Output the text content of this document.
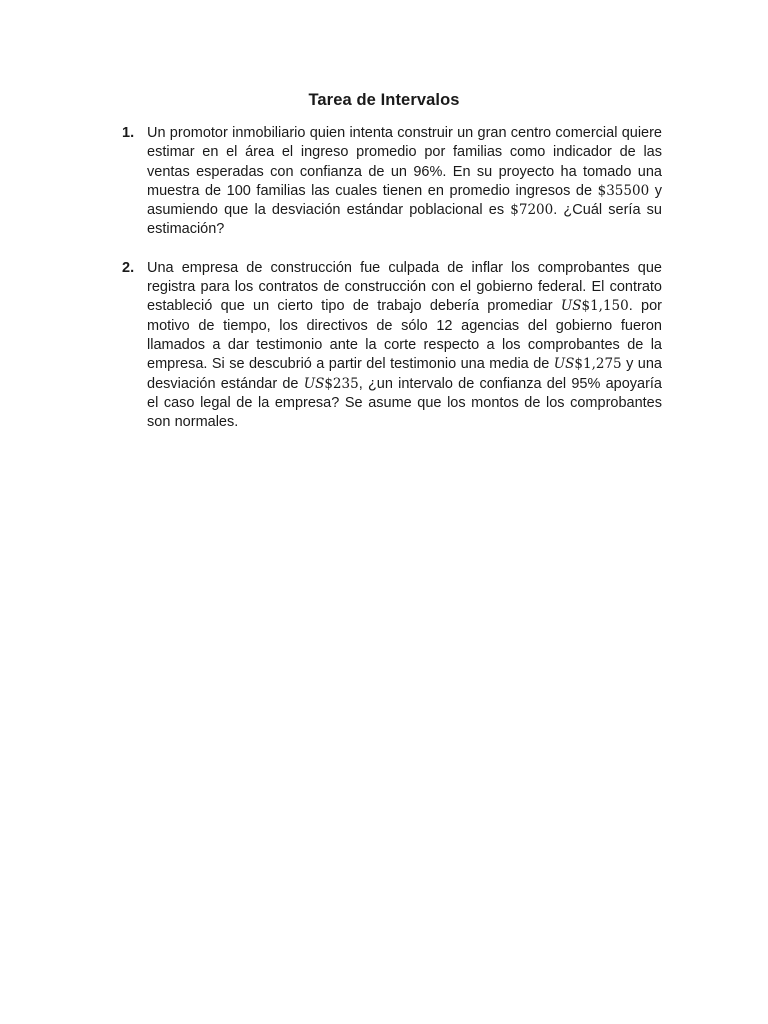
Tarea de Intervalos
1. Un promotor inmobiliario quien intenta construir un gran centro comercial quiere estimar en el área el ingreso promedio por familias como indicador de las ventas esperadas con confianza de un 96%. En su proyecto ha tomado una muestra de 100 familias las cuales tienen en promedio ingresos de $35500 y asumiendo que la desviación estándar poblacional es $7200. ¿Cuál sería su estimación?
2. Una empresa de construcción fue culpada de inflar los comprobantes que registra para los contratos de construcción con el gobierno federal. El contrato estableció que un cierto tipo de trabajo debería promediar US$1,150. por motivo de tiempo, los directivos de sólo 12 agencias del gobierno fueron llamados a dar testimonio ante la corte respecto a los comprobantes de la empresa. Si se descubrió a partir del testimonio una media de US$1,275 y una desviación estándar de US$235, ¿un intervalo de confianza del 95% apoyaría el caso legal de la empresa? Se asume que los montos de los comprobantes son normales.
